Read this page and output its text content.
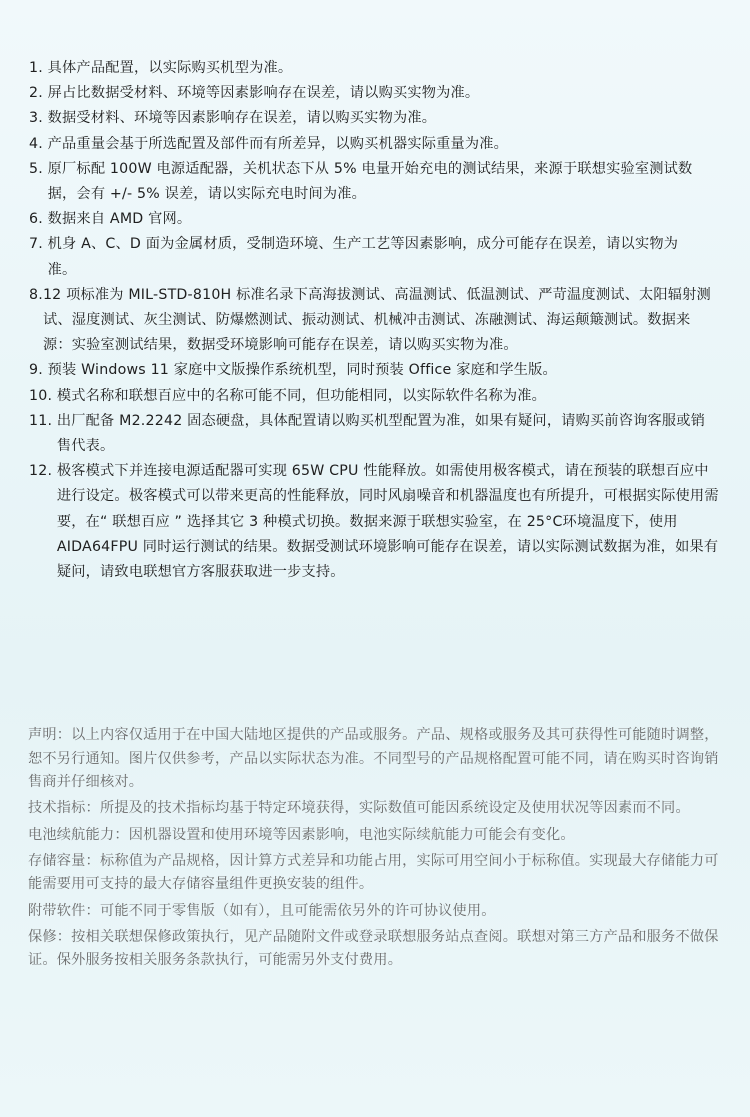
1. 具体产品配置，以实际购买机型为准。
2. 屏占比数据受材料、环境等因素影响存在误差，请以购买实物为准。
3. 数据受材料、环境等因素影响存在误差，请以购买实物为准。
4. 产品重量会基于所选配置及部件而有所差异，以购买机器实际重量为准。
5. 原厂标配 100W 电源适配器，关机状态下从 5% 电量开始充电的测试结果，来源于联想实验室测试数据，会有 +/- 5% 误差，请以实际充电时间为准。
6. 数据来自 AMD 官网。
7. 机身 A、C、D 面为金属材质，受制造环境、生产工艺等因素影响，成分可能存在误差，请以实物为准。
8. 12 项标准为 MIL-STD-810H 标准名录下高海拔测试、高温测试、低温测试、严苛温度测试、太阳辐射测试、湿度测试、灰尘测试、防爆燃测试、振动测试、机械冲击测试、冻融测试、海运颠簸测试。数据来源：实验室测试结果，数据受环境影响可能存在误差，请以购买实物为准。
9. 预装 Windows 11 家庭中文版操作系统机型，同时预装 Office 家庭和学生版。
10. 模式名称和联想百应中的名称可能不同，但功能相同，以实际软件名称为准。
11. 出厂配备 M2.2242 固态硬盘，具体配置请以购买机型配置为准，如果有疑问，请购买前咨询客服或销售代表。
12. 极客模式下并连接电源适配器可实现 65W CPU 性能释放。如需使用极客模式，请在预装的联想百应中进行设定。极客模式可以带来更高的性能释放，同时风扇噪音和机器温度也有所提升，可根据实际使用需要，在“ 联想百应 ” 选择其它 3 种模式切换。数据来源于联想实验室，在 25°C环境温度下，使用 AIDA64FPU 同时运行测试的结果。数据受测试环境影响可能存在误差，请以实际测试数据为准，如果有疑问，请致电联想官方客服获取进一步支持。

声明：以上内容仅适用于在中国大陆地区提供的产品或服务。产品、规格或服务及其可获得性可能随时调整，恕不另行通知。图片仅供参考，产品以实际状态为准。不同型号的产品规格配置可能不同，请在购买时咨询销售商并仔细核对。

技术指标：所提及的技术指标均基于特定环境获得，实际数值可能因系统设定及使用状况等因素而不同。

电池续航能力：因机器设置和使用环境等因素影响，电池实际续航能力可能会有变化。

存储容量：标称值为产品规格，因计算方式差异和功能占用，实际可用空间小于标称值。实现最大存储能力可能需要用可支持的最大存储容量组件更换安装的组件。

附带软件：可能不同于零售版（如有），且可能需依另外的许可协议使用。

保修：按相关联想保修政策执行，见产品随附文件或登录联想服务站点查阅。联想对第三方产品和服务不做保证。保外服务按相关服务条款执行，可能需另外支付费用。
